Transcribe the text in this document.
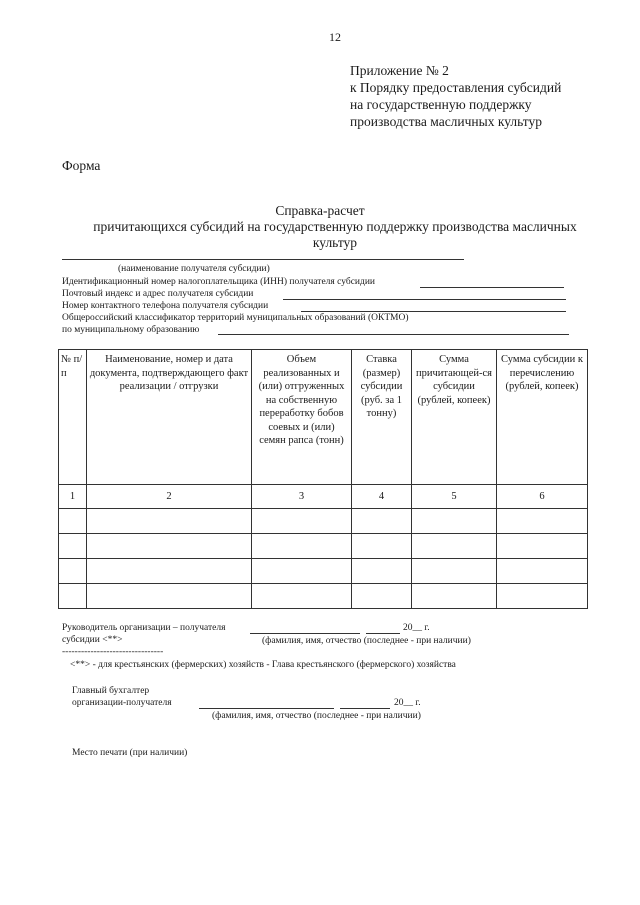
12
Приложение № 2
к Порядку предоставления субсидий
на государственную поддержку
производства масличных культур
Форма
Справка-расчет
причитающихся субсидий на государственную поддержку производства масличных культур
(наименование получателя субсидии)
Идентификационный номер налогоплательщика (ИНН) получателя субсидии
Почтовый индекс и адрес получателя субсидии
Номер контактного телефона получателя субсидии
Общероссийский классификатор территорий муниципальных образований (ОКТМО)
по муниципальному образованию
№ п/п	Наименование, номер и дата документа, подтверждающего факт реализации / отгрузки	Объем реализованных и (или) отгруженных на собственную переработку бобов соевых и (или) семян рапса (тонн)	Ставка (размер) субсидии (руб. за 1 тонну)	Сумма причитающей-ся субсидии (рублей, копеек)	Сумма субсидии к перечислению (рублей, копеек)
1	2	3	4	5	6

Руководитель организации – получателя	20__ г.
субсидии <**>	(фамилия, имя, отчество (последнее - при наличии)
--------------------------------
<**> - для крестьянских (фермерских) хозяйств - Глава крестьянского (фермерского) хозяйства
Главный бухгалтер
организации-получателя	20__ г.
(фамилия, имя, отчество (последнее - при наличии)
Место печати (при наличии)
